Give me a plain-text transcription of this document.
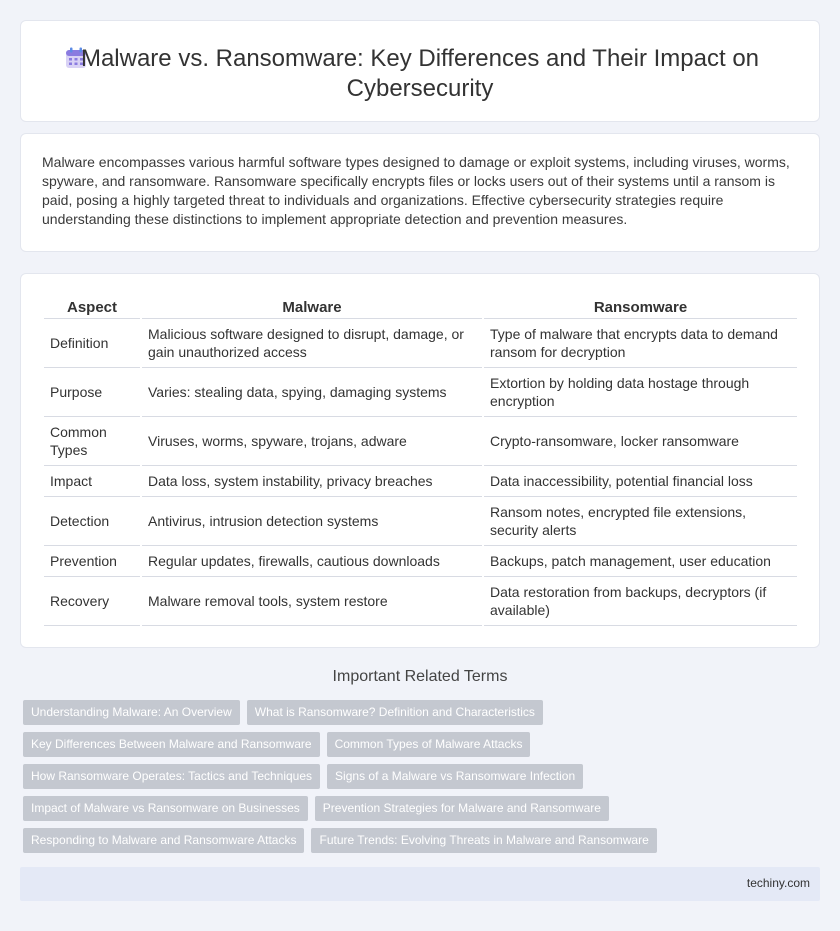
Malware vs. Ransomware: Key Differences and Their Impact on Cybersecurity

Malware encompasses various harmful software types designed to damage or exploit systems, including viruses, worms, spyware, and ransomware. Ransomware specifically encrypts files or locks users out of their systems until a ransom is paid, posing a highly targeted threat to individuals and organizations. Effective cybersecurity strategies require understanding these distinctions to implement appropriate detection and prevention measures.

Aspect	Malware	Ransomware
Definition	Malicious software designed to disrupt, damage, or gain unauthorized access	Type of malware that encrypts data to demand ransom for decryption
Purpose	Varies: stealing data, spying, damaging systems	Extortion by holding data hostage through encryption
Common Types	Viruses, worms, spyware, trojans, adware	Crypto-ransomware, locker ransomware
Impact	Data loss, system instability, privacy breaches	Data inaccessibility, potential financial loss
Detection	Antivirus, intrusion detection systems	Ransom notes, encrypted file extensions, security alerts
Prevention	Regular updates, firewalls, cautious downloads	Backups, patch management, user education
Recovery	Malware removal tools, system restore	Data restoration from backups, decryptors (if available)
Important Related Terms
Understanding Malware: An Overview	What is Ransomware? Definition and Characteristics
Key Differences Between Malware and Ransomware	Common Types of Malware Attacks
How Ransomware Operates: Tactics and Techniques	Signs of a Malware vs Ransomware Infection
Impact of Malware vs Ransomware on Businesses	Prevention Strategies for Malware and Ransomware
Responding to Malware and Ransomware Attacks	Future Trends: Evolving Threats in Malware and Ransomware
techiny.com
